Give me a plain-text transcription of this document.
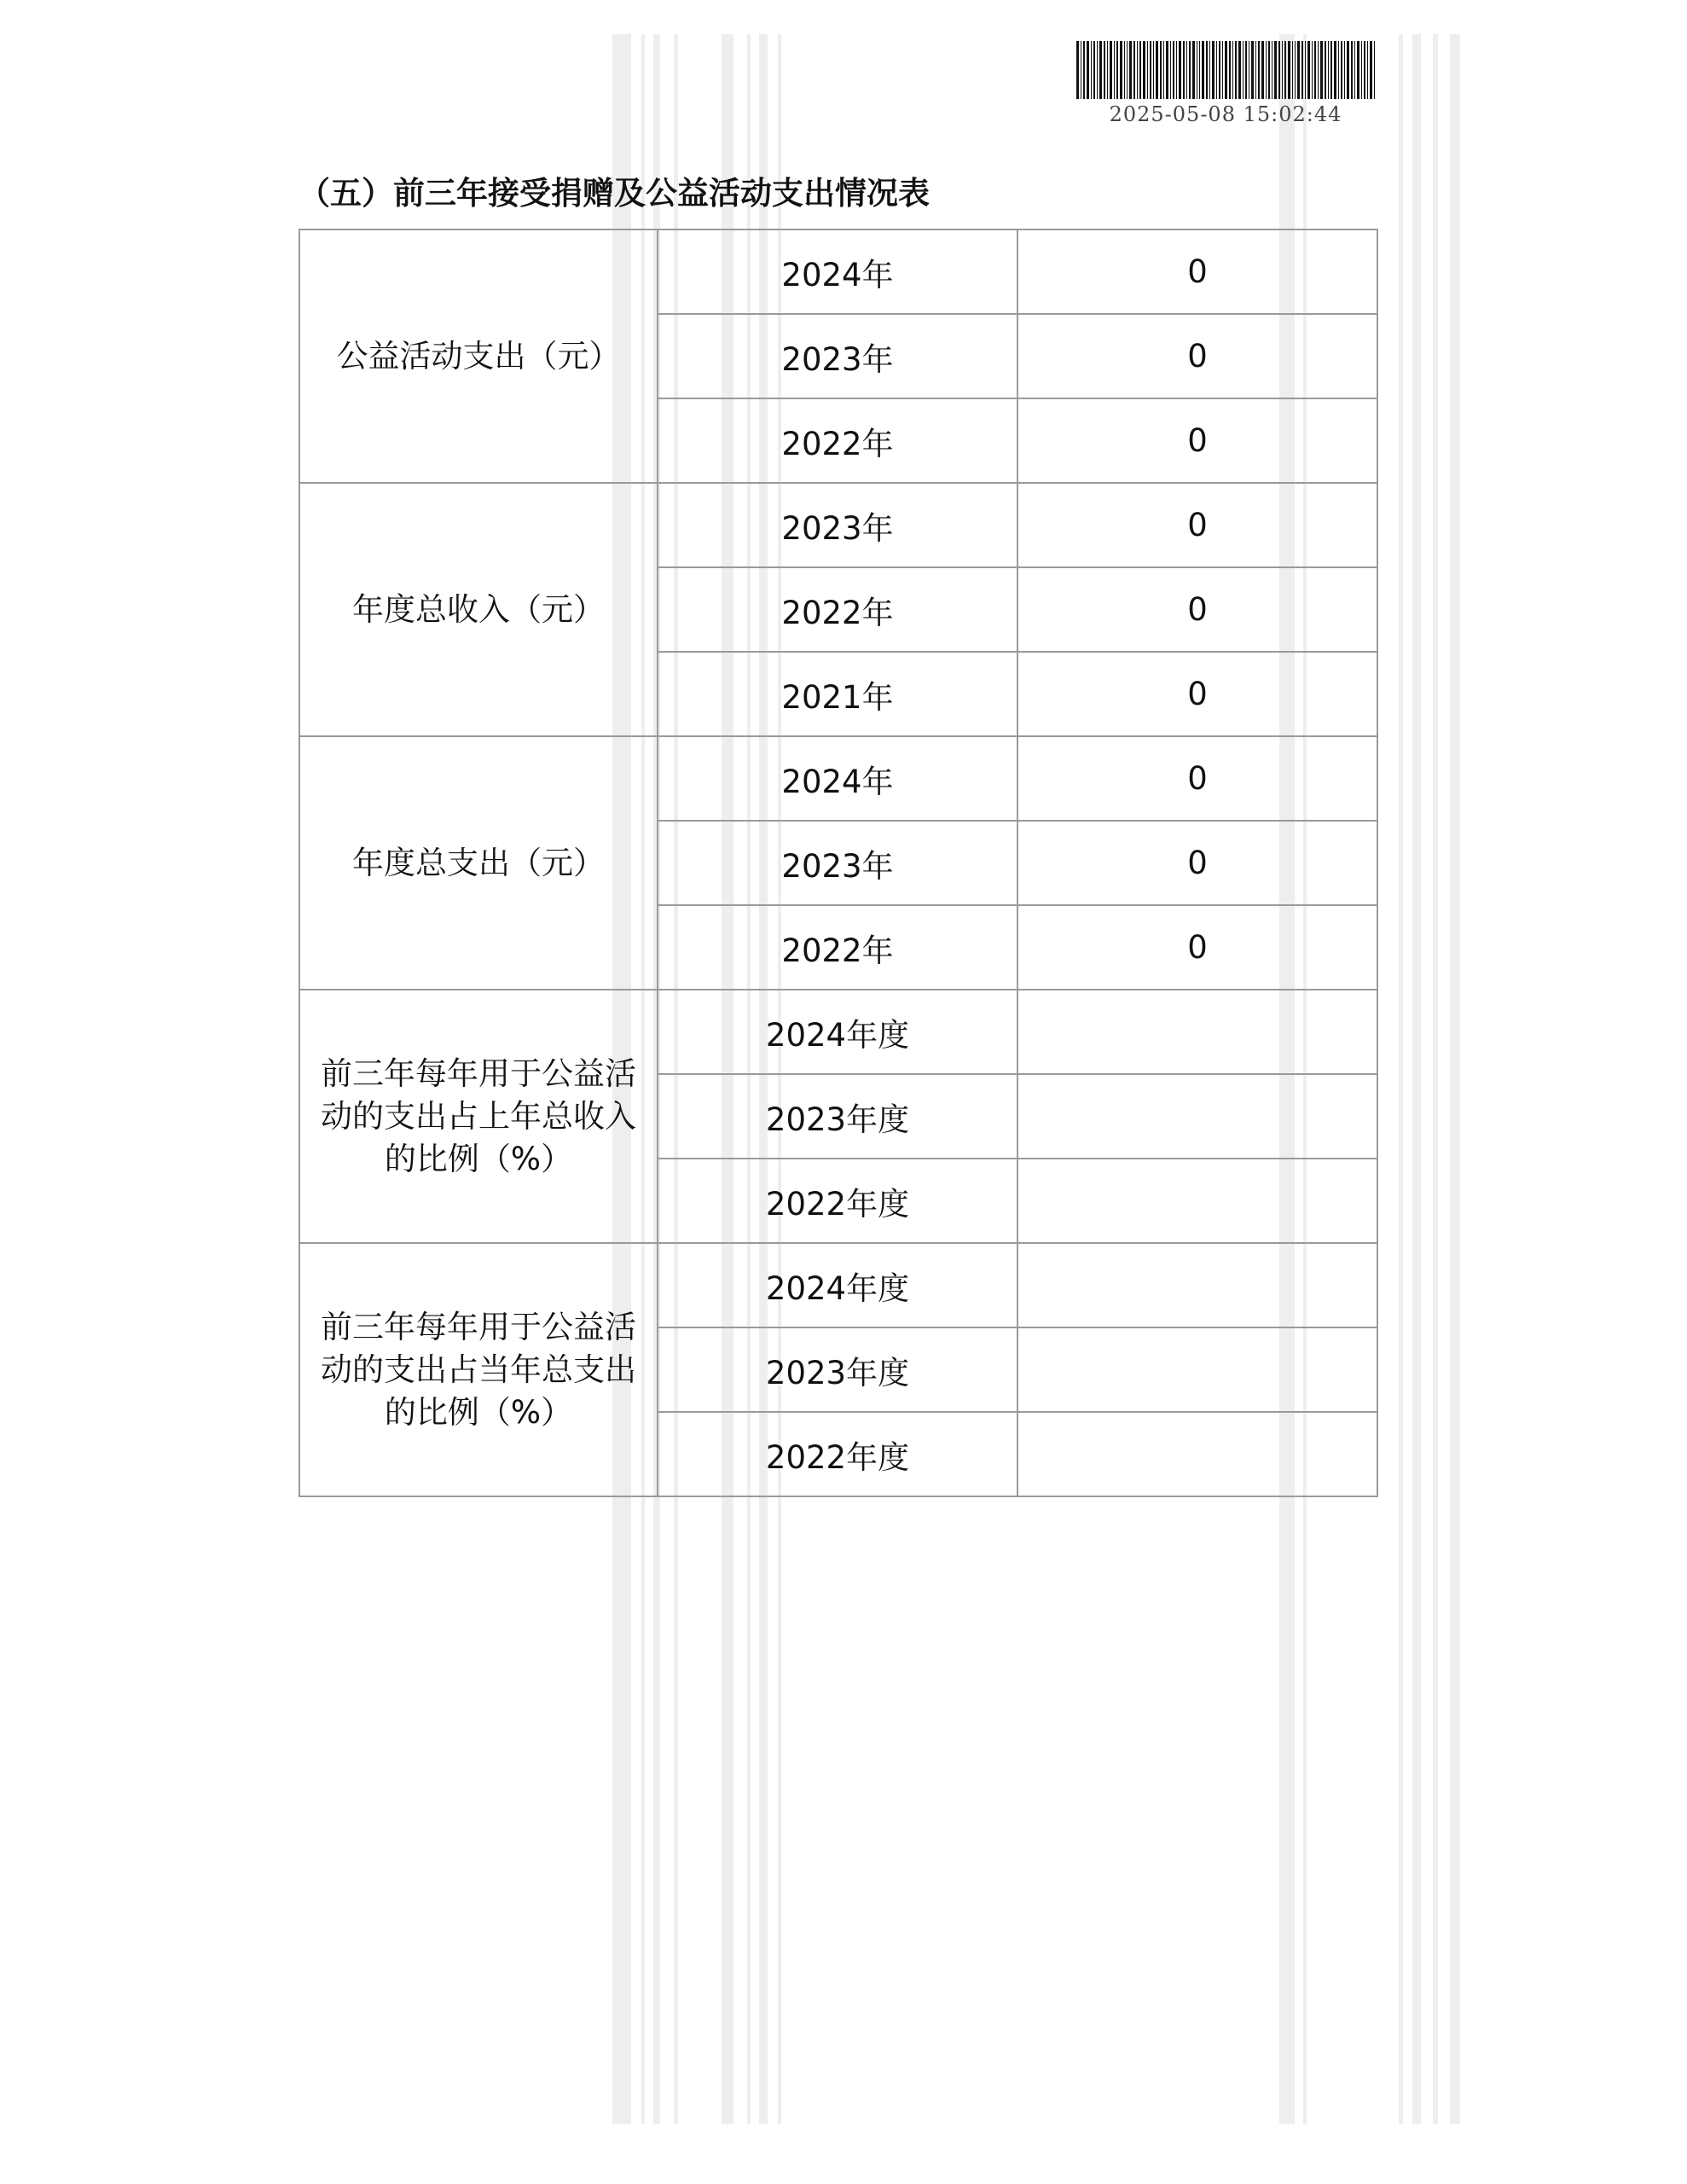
2025-05-08 15:02:44
（五）前三年接受捐赠及公益活动支出情况表
公益活动支出（元）	2024年	0
	2023年	0
	2022年	0

年度总收入（元）	2023年	0
	2022年	0
	2021年	0

年度总支出（元）	2024年	0
	2023年	0
	2022年	0

前三年每年用于公益活
动的支出占上年总收入
的比例（%）	2024年度	
	2023年度	
	2022年度	

前三年每年用于公益活
动的支出占当年总支出
的比例（%）	2024年度	
	2023年度	
	2022年度	
